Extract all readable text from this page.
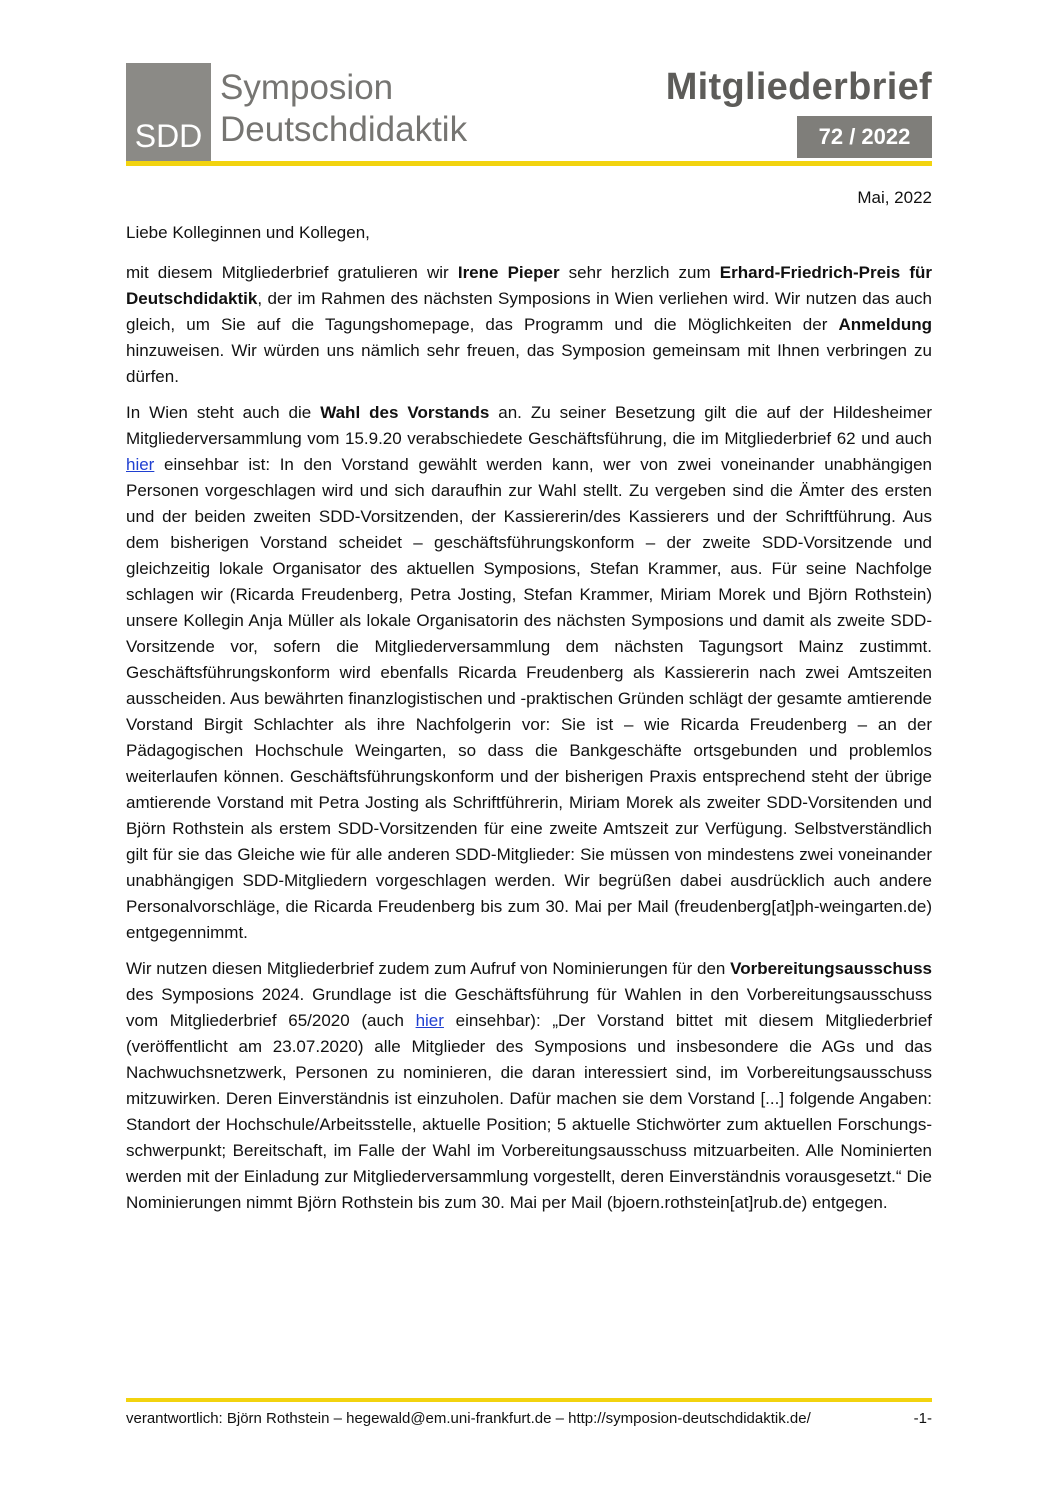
SDD
Symposion
Deutschdidaktik
Mitgliederbrief
72 / 2022
Mai, 2022
Liebe Kolleginnen und Kollegen,

mit diesem Mitgliederbrief gratulieren wir Irene Pieper sehr herzlich zum Erhard-Friedrich-Preis für Deutschdidaktik, der im Rahmen des nächsten Symposions in Wien verliehen wird. Wir nutzen das auch gleich, um Sie auf die Tagungshomepage, das Programm und die Möglichkeiten der Anmeldung hinzuweisen. Wir würden uns nämlich sehr freuen, das Symposion gemeinsam mit Ihnen verbringen zu dürfen.

In Wien steht auch die Wahl des Vorstands an. Zu seiner Besetzung gilt die auf der Hildesheimer Mitgliederversammlung vom 15.9.20 verabschiedete Geschäftsführung, die im Mitgliederbrief 62 und auch hier einsehbar ist: In den Vorstand gewählt werden kann, wer von zwei voneinander unabhängigen Personen vorgeschlagen wird und sich daraufhin zur Wahl stellt. Zu vergeben sind die Ämter des ersten und der beiden zweiten SDD-Vorsitzenden, der Kassiererin/des Kassierers und der Schriftführung. Aus dem bisherigen Vorstand scheidet – geschäftsführungskonform – der zweite SDD-Vorsitzende und gleichzeitig lokale Organisator des aktuellen Symposions, Stefan Krammer, aus. Für seine Nachfolge schlagen wir (Ricarda Freudenberg, Petra Josting, Stefan Krammer, Miriam Morek und Björn Rothstein) unsere Kollegin Anja Müller als lokale Organisatorin des nächsten Symposions und damit als zweite SDD-Vorsitzende vor, sofern die Mitgliederversammlung dem nächsten Tagungsort Mainz zustimmt. Geschäftsführungskonform wird ebenfalls Ricarda Freudenberg als Kassiererin nach zwei Amtszeiten ausscheiden. Aus bewährten finanzlogistischen und -praktischen Gründen schlägt der gesamte amtierende Vorstand Birgit Schlachter als ihre Nachfolgerin vor: Sie ist – wie Ricarda Freudenberg – an der Pädagogischen Hochschule Weingarten, so dass die Bankgeschäfte ortsgebunden und problemlos weiterlaufen können. Geschäftsführungskonform und der bisherigen Praxis entsprechend steht der übrige amtierende Vorstand mit Petra Josting als Schriftführerin, Miriam Morek als zweiter SDD-Vorsitenden und Björn Rothstein als erstem SDD-Vorsitzenden für eine zweite Amtszeit zur Verfügung. Selbstverständlich gilt für sie das Gleiche wie für alle anderen SDD-Mitglieder: Sie müssen von mindestens zwei voneinander unabhängigen SDD-Mitgliedern vorgeschlagen werden. Wir begrüßen dabei ausdrücklich auch andere Personalvorschläge, die Ricarda Freudenberg bis zum 30. Mai per Mail (freudenberg[at]ph-weingarten.de) entgegennimmt.

Wir nutzen diesen Mitgliederbrief zudem zum Aufruf von Nominierungen für den Vorbereitungsausschuss des Symposions 2024. Grundlage ist die Geschäftsführung für Wahlen in den Vorbereitungsausschuss vom Mitgliederbrief 65/2020 (auch hier einsehbar): „Der Vorstand bittet mit diesem Mitgliederbrief (veröffentlicht am 23.07.2020) alle Mitglieder des Symposions und insbesondere die AGs und das Nachwuchsnetzwerk, Personen zu nominieren, die daran interessiert sind, im Vorbereitungsausschuss mitzuwirken. Deren Einverständnis ist einzuholen. Dafür machen sie dem Vorstand [...] folgende Angaben: Standort der Hochschule/Arbeitsstelle, aktuelle Position; 5 aktuelle Stichwörter zum aktuellen Forschungsschwerpunkt; Bereitschaft, im Falle der Wahl im Vorbereitungsausschuss mitzuarbeiten. Alle Nominierten werden mit der Einladung zur Mitgliederversammlung vorgestellt, deren Einverständnis vorausgesetzt.“ Die Nominierungen nimmt Björn Rothstein bis zum 30. Mai per Mail (bjoern.rothstein[at]rub.de) entgegen.

verantwortlich: Björn Rothstein – hegewald@em.uni-frankfurt.de – http://symposion-deutschdidaktik.de/	-1-
